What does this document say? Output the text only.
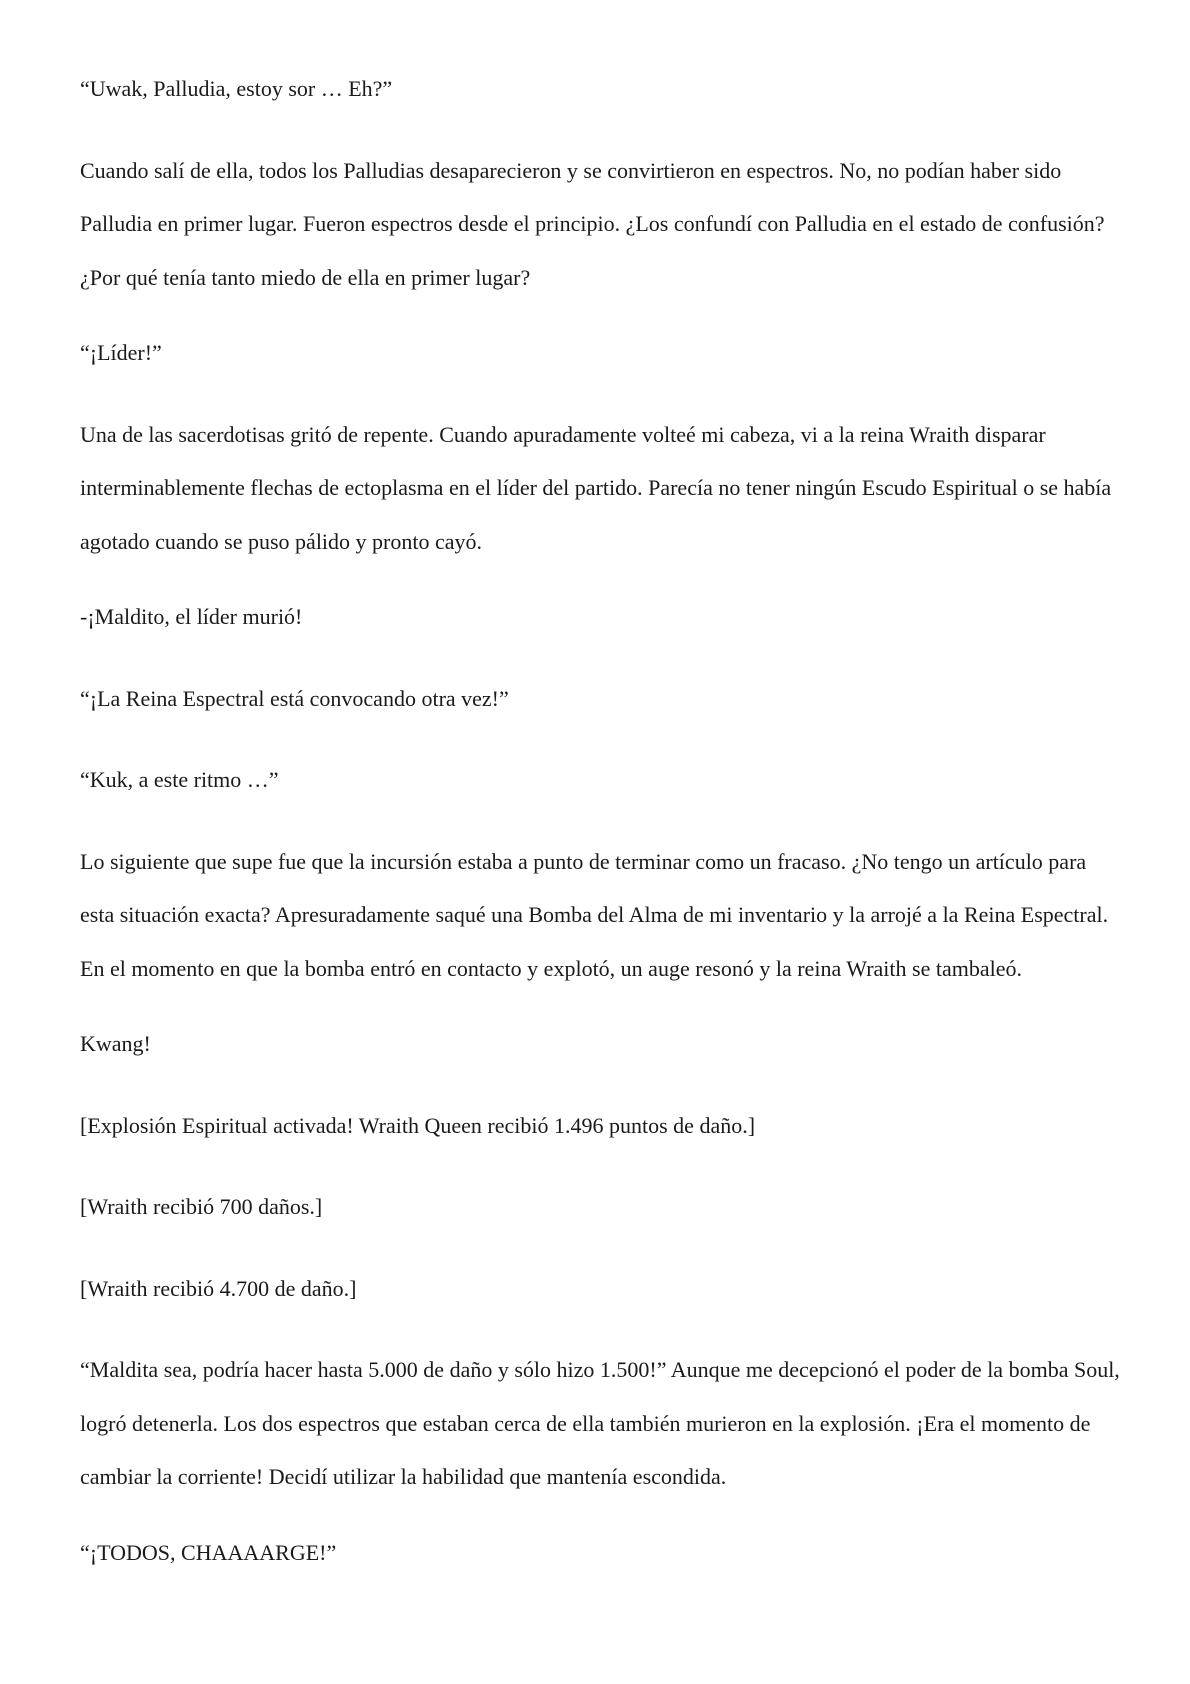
“Uwak, Palludia, estoy sor … Eh?”

Cuando salí de ella, todos los Palludias desaparecieron y se convirtieron en espectros. No, no podían haber sido Palludia en primer lugar. Fueron espectros desde el principio. ¿Los confundí con Palludia en el estado de confusión? ¿Por qué tenía tanto miedo de ella en primer lugar?

“¡Líder!”

Una de las sacerdotisas gritó de repente. Cuando apuradamente volteé mi cabeza, vi a la reina Wraith disparar interminablemente flechas de ectoplasma en el líder del partido. Parecía no tener ningún Escudo Espiritual o se había agotado cuando se puso pálido y pronto cayó.

-¡Maldito, el líder murió!

“¡La Reina Espectral está convocando otra vez!”

“Kuk, a este ritmo …”

Lo siguiente que supe fue que la incursión estaba a punto de terminar como un fracaso. ¿No tengo un artículo para esta situación exacta? Apresuradamente saqué una Bomba del Alma de mi inventario y la arrojé a la Reina Espectral. En el momento en que la bomba entró en contacto y explotó, un auge resonó y la reina Wraith se tambaleó.

Kwang!

[Explosión Espiritual activada! Wraith Queen recibió 1.496 puntos de daño.]

[Wraith recibió 700 daños.]

[Wraith recibió 4.700 de daño.]

“Maldita sea, podría hacer hasta 5.000 de daño y sólo hizo 1.500!” Aunque me decepcionó el poder de la bomba Soul, logró detenerla. Los dos espectros que estaban cerca de ella también murieron en la explosión. ¡Era el momento de cambiar la corriente! Decidí utilizar la habilidad que mantenía escondida.

“¡TODOS, CHAAAARGE!”
